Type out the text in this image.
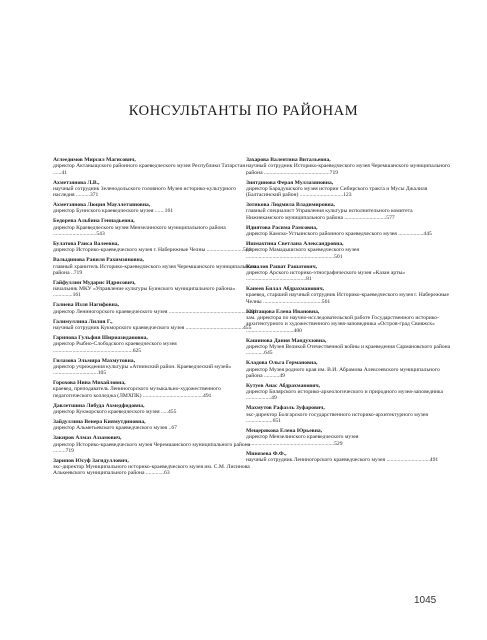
КОНСУЛЬТАНТЫ ПО РАЙОНАМ
Аглеедимов Мирсил Магисович,
директор Актаныщского районного краеведческого музея Республики Татарстан ......41
Ахметзянова Л.В.,
научный сотрудник Зеленодольского головного Музея историко-культурного наследия ..........371
Ахметзянова Люция Мауллетзяновна,
директор Буинского краеведческого музея .......161
Бедорева Альбина Геннадьевна,
директор Краеведческого музея Мензелинского муниципального района ...............................543
Булатова Раиса Валеевна,
директор Историко-краеведческого музея г. Набережные Челны ..........................561
Валыдинова Равиля Рахимзяновна,
главный хранитель Историко-краеведческого музея Черемшанского муниципального района ..719
Гайфуллин Мударис Идрисович,
начальник МКУ «Управление культуры Буинского муниципального района» ..............161
Галиева Изля Нагифовна,
директор Лениногорского краеведческого музея .........................................................491
Галимуллина Лилия Г.,
научный сотрудник Кукморского краеведческого музея .........................................455
Гарипова Гульфия Шириазидановна,
директор Рыбно-Слободского краеведческого музея .........................................................625
Гилазова Эльмира Махмутовна,
директор учреждения культуры «Атнинский район. Краеведческий музей» ................................105
Горохова Нина Михайловна,
краевед, преподаватель Лениногорского музыкально-художественного педагогического колледжа (ЛМХПК) ...........................................491
Давлетшина Лябуда Ахмедфидовна,
директор Кукморского краеведческого музея .....455
Зайдуллина Венера Киямутдиновна,
директор Альметьевского краеведческого музея ..67
Закиров Алмаз Аззамович,
директор Историко-краеведческого музея Черемшанского муниципального района .........719
Зарипов Юсуф Загидуллович,
экс-директор Муниципального историко-краеведческого музея им. С.М. Лисинова Алькеевского муниципального района .............63
Захарова Валентина Витальевна,
научный сотрудник Историко-краеведческого музея Черемшанского муниципального района ...............................................719
Зиятдинова Ферая Муллазяновна,
директор Барадушского музея истории Сибирского тракта и Мусы Джалиля (Балтасинский район) ...............................123
Зотикова Людмила Владимировна,
главный специалист Управления культуры исполнительного комитета Нижнекамского муниципального района ..............................577
Идиятова Расима Рамсовна,
директор Камско-Устьинского районного краеведческого музея ..................445
Ишмахтина Светлана Александровна,
директор Мамадышского краеведческого музея ...............................................................501
Камалов Рашат Рашатович,
директор Арского историко-этнографического музея «Казан арты» ...........................................81
Канеев Билал Абдрахманович,
краевед, старший научный сотрудник Историко-краеведческого музея г. Набережные Челны ..........................................561
Картащова Елена Ивановна,
зам. директора по научно-исследовательской работе Государственного историко-архитектурного и художественного музея-заповедника «Остров-град Свияжск» ..................................400
Кашинова Дания Мандухзовна,
директор Музея Великой Отечественной войны и краеведения Сармановского района .............645
Кладова Ольга Германовна,
директор Музея родного края им. В.И. Абрамова Алексеевского муниципального района ...........49
Кутуев Анас Абдрахманович,
директор Билярского историко-археологического и природного музея-заповедника ..................49
Махмутов Рафаэль Зуфарович,
экс-директор Болгарского государственного историко-архитектурного музея ...................651
Мещерякова Елена Юрьевна,
директор Мензелинского краеведческого музея ...............................................................529
Минязева Ф.Ф.,
научный сотрудник Лениногорского краеведческого музея ...............................491
1045
